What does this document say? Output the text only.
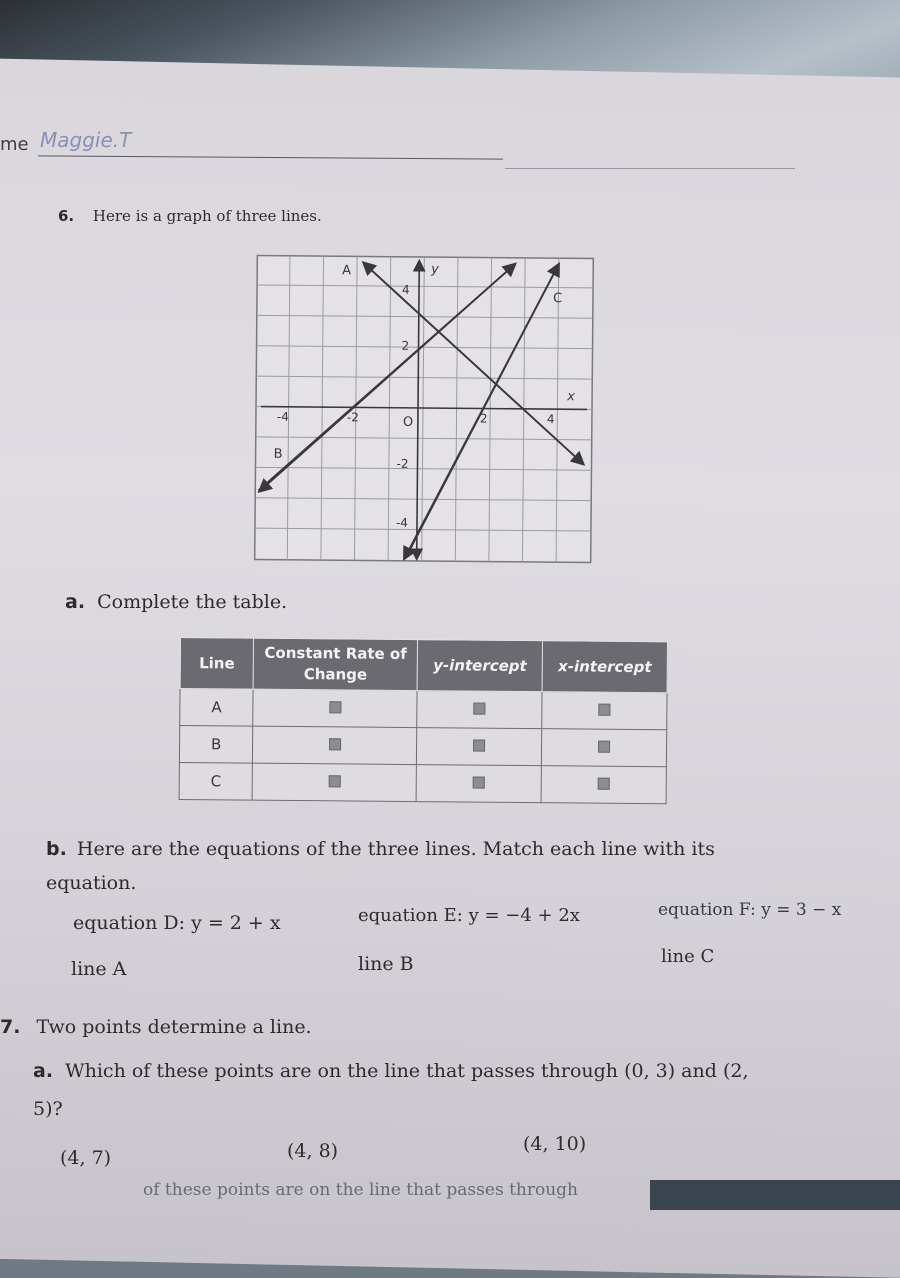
me Maggie.T
6. Here is a graph of three lines.
y
x
O
-4	-2	2	4
4
2
-2
-4
A
B
C
a. Complete the table.
Line	Constant Rate of Change	y-intercept	x-intercept
A			
B			
C			
b. Here are the equations of the three lines. Match each line with its equation.
equation D: y = 2 + x	equation E: y = −4 + 2x	equation F: y = 3 − x
line A	line B	line C
7. Two points determine a line.
a. Which of these points are on the line that passes through (0, 3) and (2, 5)?
(4, 7)	(4, 8)	(4, 10)
of these points are on the line that passes through
